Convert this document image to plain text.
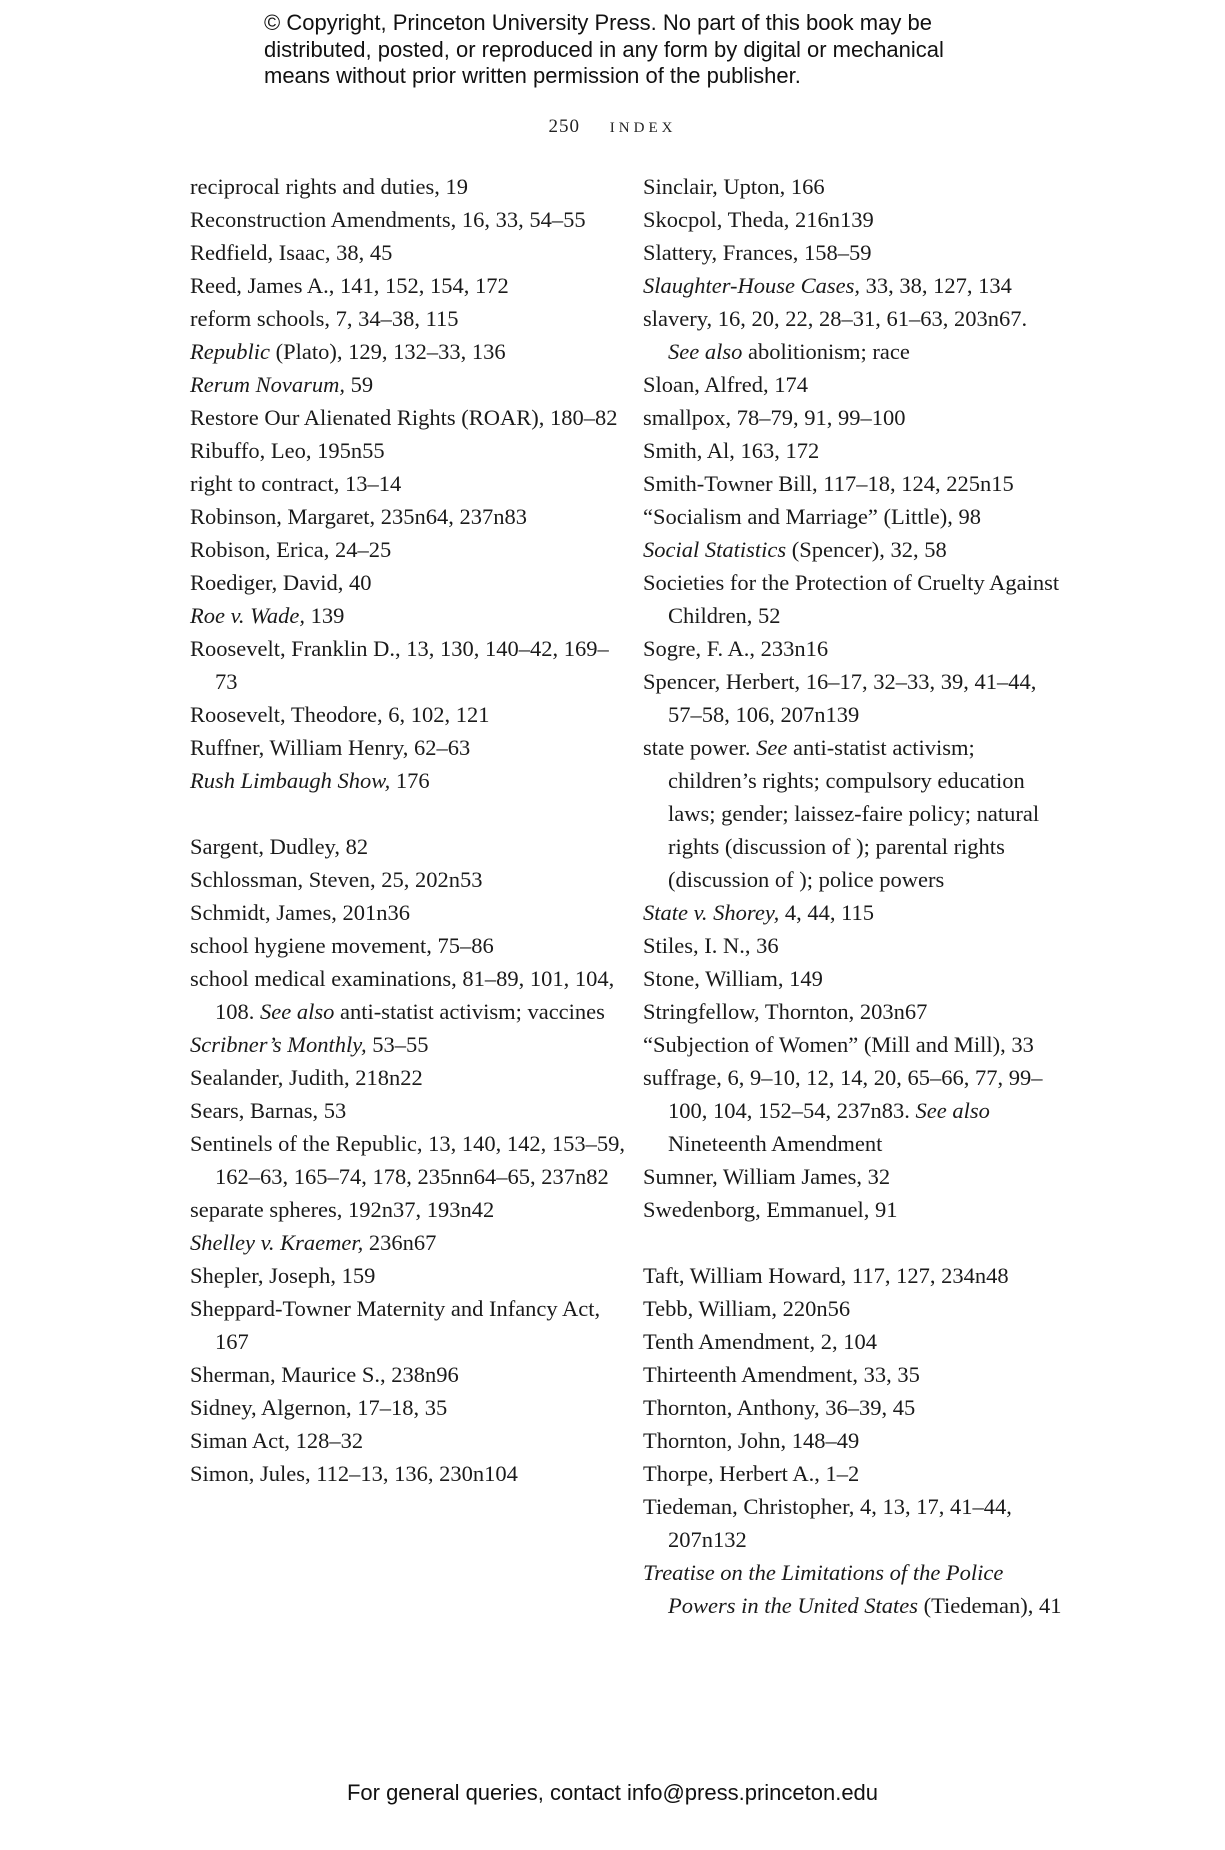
© Copyright, Princeton University Press. No part of this book may be
distributed, posted, or reproduced in any form by digital or mechanical
means without prior written permission of the publisher.
250 index
reciprocal rights and duties, 19
Reconstruction Amendments, 16, 33, 54–55
Redfield, Isaac, 38, 45
Reed, James A., 141, 152, 154, 172
reform schools, 7, 34–38, 115
Republic (Plato), 129, 132–33, 136
Rerum Novarum, 59
Restore Our Alienated Rights (ROAR), 180–82
Ribuffo, Leo, 195n55
right to contract, 13–14
Robinson, Margaret, 235n64, 237n83
Robison, Erica, 24–25
Roediger, David, 40
Roe v. Wade, 139
Roosevelt, Franklin D., 13, 130, 140–42, 169–73
Roosevelt, Theodore, 6, 102, 121
Ruffner, William Henry, 62–63
Rush Limbaugh Show, 176
Sargent, Dudley, 82
Schlossman, Steven, 25, 202n53
Schmidt, James, 201n36
school hygiene movement, 75–86
school medical examinations, 81–89, 101, 104, 108. See also anti-statist activism; vaccines
Scribner’s Monthly, 53–55
Sealander, Judith, 218n22
Sears, Barnas, 53
Sentinels of the Republic, 13, 140, 142, 153–59, 162–63, 165–74, 178, 235nn64–65, 237n82
separate spheres, 192n37, 193n42
Shelley v. Kraemer, 236n67
Shepler, Joseph, 159
Sheppard-Towner Maternity and Infancy Act, 167
Sherman, Maurice S., 238n96
Sidney, Algernon, 17–18, 35
Siman Act, 128–32
Simon, Jules, 112–13, 136, 230n104
Sinclair, Upton, 166
Skocpol, Theda, 216n139
Slattery, Frances, 158–59
Slaughter-House Cases, 33, 38, 127, 134
slavery, 16, 20, 22, 28–31, 61–63, 203n67. See also abolitionism; race
Sloan, Alfred, 174
smallpox, 78–79, 91, 99–100
Smith, Al, 163, 172
Smith-Towner Bill, 117–18, 124, 225n15
“Socialism and Marriage” (Little), 98
Social Statistics (Spencer), 32, 58
Societies for the Protection of Cruelty Against Children, 52
Sogre, F. A., 233n16
Spencer, Herbert, 16–17, 32–33, 39, 41–44, 57–58, 106, 207n139
state power. See anti-statist activism; children’s rights; compulsory education laws; gender; laissez-faire policy; natural rights (discussion of ); parental rights (discussion of ); police powers
State v. Shorey, 4, 44, 115
Stiles, I. N., 36
Stone, William, 149
Stringfellow, Thornton, 203n67
“Subjection of Women” (Mill and Mill), 33
suffrage, 6, 9–10, 12, 14, 20, 65–66, 77, 99–100, 104, 152–54, 237n83. See also Nineteenth Amendment
Sumner, William James, 32
Swedenborg, Emmanuel, 91
Taft, William Howard, 117, 127, 234n48
Tebb, William, 220n56
Tenth Amendment, 2, 104
Thirteenth Amendment, 33, 35
Thornton, Anthony, 36–39, 45
Thornton, John, 148–49
Thorpe, Herbert A., 1–2
Tiedeman, Christopher, 4, 13, 17, 41–44, 207n132
Treatise on the Limitations of the Police Powers in the United States (Tiedeman), 41
For general queries, contact info@press.princeton.edu
